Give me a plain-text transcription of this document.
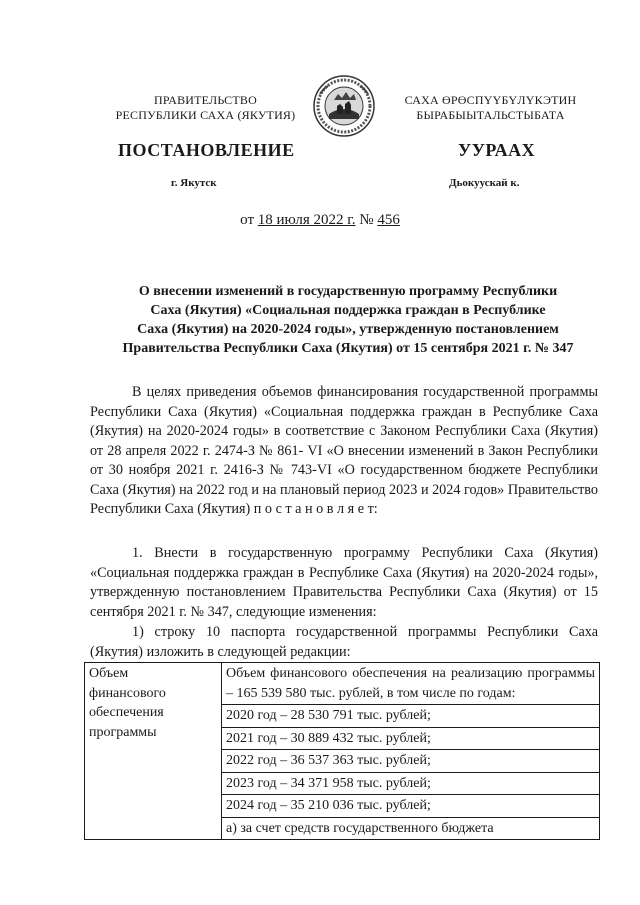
ПРАВИТЕЛЬСТВО
РЕСПУБЛИКИ САХА (ЯКУТИЯ)
САХА ӨРӨСПҮҮБҮЛҮКЭТИН
БЫРАБЫЫТАЛЬСТЫБАТА
ПОСТАНОВЛЕНИЕ	УУРААХ
г. Якутск	Дьокуускай к.
от 18 июля 2022 г. № 456
О внесении изменений в государственную программу Республики
Саха (Якутия) «Социальная поддержка граждан в Республике
Саха (Якутия) на 2020-2024 годы», утвержденную постановлением
Правительства Республики Саха (Якутия) от 15 сентября 2021 г. № 347
В целях приведения объемов финансирования государственной программы Республики Саха (Якутия) «Социальная поддержка граждан в Республике Саха (Якутия) на 2020-2024 годы» в соответствие с Законом Республики Саха (Якутия) от 28 апреля 2022 г. 2474-З № 861- VI «О внесении изменений в Закон Республики от 30 ноября 2021 г. 2416-З № 743-VI «О государственном бюджете Республики Саха (Якутия) на 2022 год и на плановый период 2023 и 2024 годов» Правительство Республики Саха (Якутия) п о с т а н о в л я е т:
1. Внести в государственную программу Республики Саха (Якутия) «Социальная поддержка граждан в Республике Саха (Якутия) на 2020-2024 годы», утвержденную постановлением Правительства Республики Саха (Якутия) от 15 сентября 2021 г. № 347, следующие изменения:
1) строку 10 паспорта государственной программы Республики Саха (Якутия) изложить в следующей редакции:
Объем
финансового
обеспечения
программы
	Объем финансового обеспечения на реализацию программы – 165 539 580 тыс. рублей, в том числе по годам:
2020 год – 28 530 791 тыс. рублей;
2021 год – 30 889 432 тыс. рублей;
2022 год – 36 537 363 тыс. рублей;
2023 год – 34 371 958 тыс. рублей;
2024 год – 35 210 036 тыс. рублей;
а) за счет средств государственного бюджета
